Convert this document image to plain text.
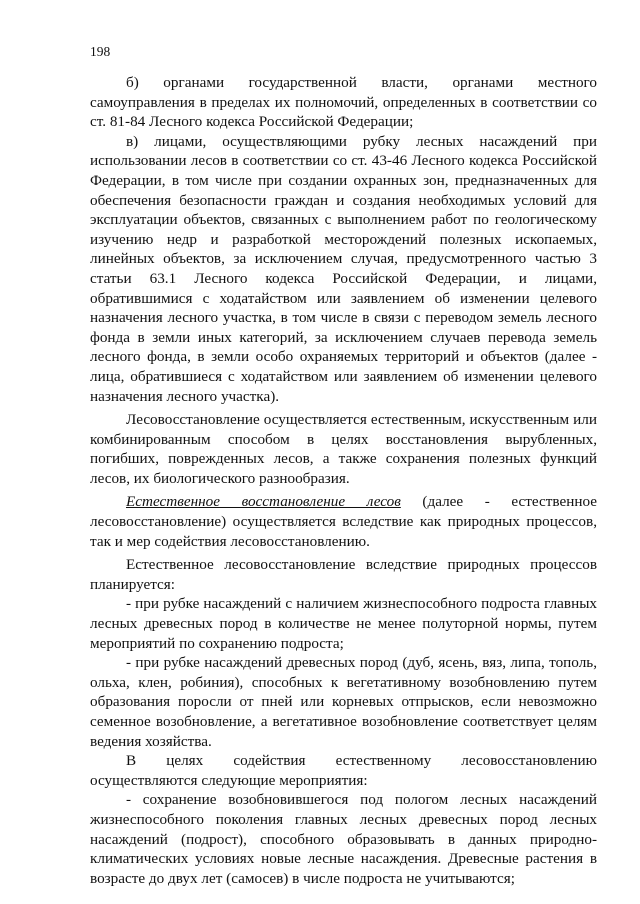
198

б) органами государственной власти, органами местного самоуправления в пределах их полномочий, определенных в соответствии со ст. 81-84 Лесного кодекса Российской Федерации;

в) лицами, осуществляющими рубку лесных насаждений при использовании лесов в соответствии со ст. 43-46 Лесного кодекса Российской Федерации, в том числе при создании охранных зон, предназначенных для обеспечения безопасности граждан и создания необходимых условий для эксплуатации объектов, связанных с выполнением работ по геологическому изучению недр и разработкой месторождений полезных ископаемых, линейных объектов, за исключением случая, предусмотренного частью 3 статьи 63.1 Лесного кодекса Российской Федерации, и лицами, обратившимися с ходатайством или заявлением об изменении целевого назначения лесного участка, в том числе в связи с переводом земель лесного фонда в земли иных категорий, за исключением случаев перевода земель лесного фонда, в земли особо охраняемых территорий и объектов (далее - лица, обратившиеся с ходатайством или заявлением об изменении целевого назначения лесного участка).

Лесовосстановление осуществляется естественным, искусственным или комбинированным способом в целях восстановления вырубленных, погибших, поврежденных лесов, а также сохранения полезных функций лесов, их биологического разнообразия.

Естественное восстановление лесов (далее - естественное лесовосстановление) осуществляется вследствие как природных процессов, так и мер содействия лесовосстановлению.

Естественное лесовосстановление вследствие природных процессов планируется:

- при рубке насаждений с наличием жизнеспособного подроста главных лесных древесных пород в количестве не менее полуторной нормы, путем мероприятий по сохранению подроста;

- при рубке насаждений древесных пород (дуб, ясень, вяз, липа, тополь, ольха, клен, робиния), способных к вегетативному возобновлению путем образования поросли от пней или корневых отпрысков, если невозможно семенное возобновление, а вегетативное возобновление соответствует целям ведения хозяйства.

В целях содействия естественному лесовосстановлению осуществляются следующие мероприятия:

- сохранение возобновившегося под пологом лесных насаждений жизнеспособного поколения главных лесных древесных пород лесных насаждений (подрост), способного образовывать в данных природно-климатических условиях новые лесные насаждения. Древесные растения в возрасте до двух лет (самосев) в числе подроста не учитываются;
